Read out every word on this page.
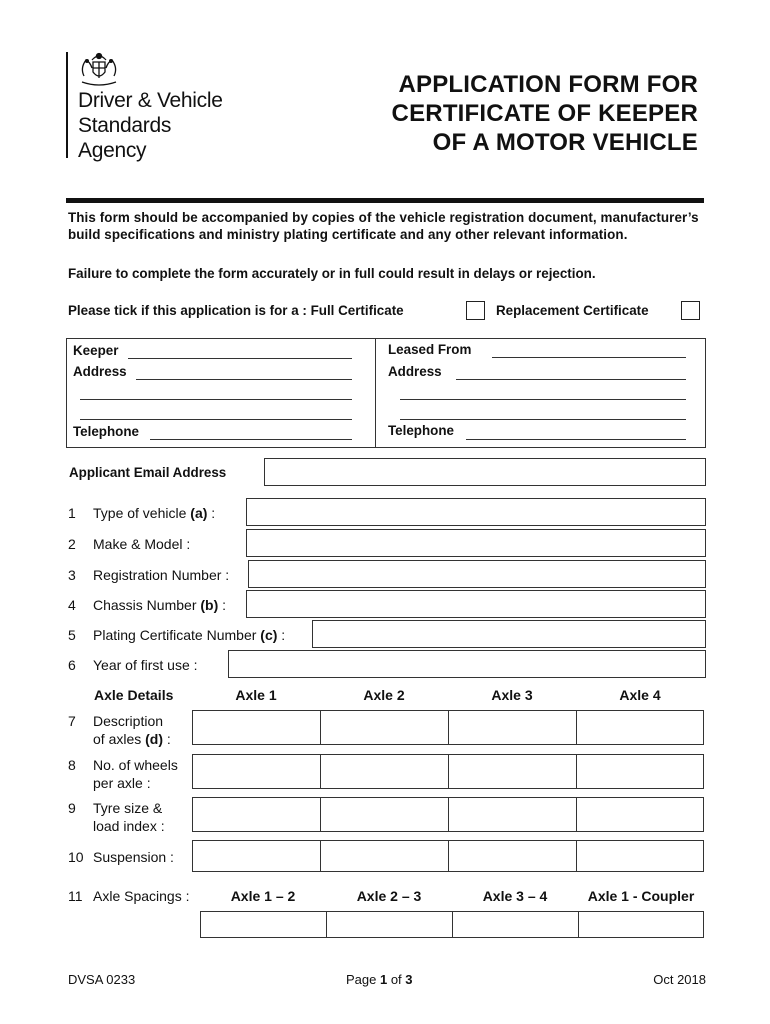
Driver & Vehicle
Standards
Agency
APPLICATION FORM FOR
CERTIFICATE OF KEEPER
OF A MOTOR VEHICLE
This form should be accompanied by copies of the vehicle registration document, manufacturer’s build specifications and ministry plating certificate and any other relevant information.
Failure to complete the form accurately or in full could result in delays or rejection.
Please tick if this application is for a : Full Certificate	Replacement Certificate
Keeper
Address
Telephone
Leased From
Address
Telephone
Applicant Email Address
1 Type of vehicle (a) :
2 Make & Model :
3 Registration Number :
4 Chassis Number (b) :
5 Plating Certificate Number (c) :
6 Year of first use :
Axle Details	Axle 1	Axle 2	Axle 3	Axle 4
7 Description
of axles (d) :
8 No. of wheels
per axle :
9 Tyre size &
load index :
10 Suspension :
11 Axle Spacings :	Axle 1 – 2	Axle 2 – 3	Axle 3 – 4	Axle 1 - Coupler
DVSA 0233	Page 1 of 3	Oct 2018
